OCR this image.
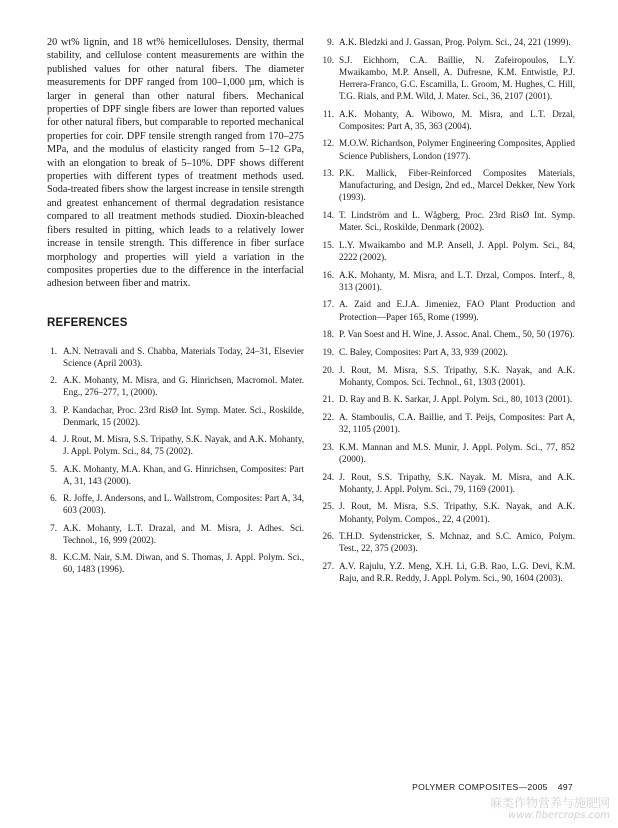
20 wt% lignin, and 18 wt% hemicelluloses. Density, thermal stability, and cellulose content measurements are within the published values for other natural fibers. The diameter measurements for DPF ranged from 100–1,000 µm, which is larger in general than other natural fibers. Mechanical properties of DPF single fibers are lower than reported values for other natural fibers, but comparable to reported mechanical properties for coir. DPF tensile strength ranged from 170–275 MPa, and the modulus of elasticity ranged from 5–12 GPa, with an elongation to break of 5–10%. DPF shows different properties with different types of treatment methods used. Soda-treated fibers show the largest increase in tensile strength and greatest enhancement of thermal degradation resistance compared to all treatment methods studied. Dioxin-bleached fibers resulted in pitting, which leads to a relatively lower increase in tensile strength. This difference in fiber surface morphology and properties will yield a variation in the composites properties due to the difference in the interfacial adhesion between fiber and matrix.

REFERENCES
1. A.N. Netravali and S. Chabba, Materials Today, 24–31, Elsevier Science (April 2003).
2. A.K. Mohanty, M. Misra, and G. Hinrichsen, Macromol. Mater. Eng., 276–277, 1, (2000).
3. P. Kandachar, Proc. 23rd RisØ Int. Symp. Mater. Sci., Roskilde, Denmark, 15 (2002).
4. J. Rout, M. Misra, S.S. Tripathy, S.K. Nayak, and A.K. Mohanty, J. Appl. Polym. Sci., 84, 75 (2002).
5. A.K. Mohanty, M.A. Khan, and G. Hinrichsen, Composites: Part A, 31, 143 (2000).
6. R. Joffe, J. Andersons, and L. Wallstrom, Composites: Part A, 34, 603 (2003).
7. A.K. Mohanty, L.T. Drazal, and M. Misra, J. Adhes. Sci. Technol., 16, 999 (2002).
8. K.C.M. Nair, S.M. Diwan, and S. Thomas, J. Appl. Polym. Sci., 60, 1483 (1996).
9. A.K. Bledzki and J. Gassan, Prog. Polym. Sci., 24, 221 (1999).
10. S.J. Eichhorn, C.A. Baillie, N. Zafeiropoulos, L.Y. Mwaikambo, M.P. Ansell, A. Dufresne, K.M. Entwistle, P.J. Herrera-Franco, G.C. Escamilla, L. Groom, M. Hughes, C. Hill, T.G. Rials, and P.M. Wild, J. Mater. Sci., 36, 2107 (2001).
11. A.K. Mohanty, A. Wibowo, M. Misra, and L.T. Drzal, Composites: Part A, 35, 363 (2004).
12. M.O.W. Richardson, Polymer Engineering Composites, Applied Science Publishers, London (1977).
13. P.K. Mallick, Fiber-Reinforced Composites Materials, Manufacturing, and Design, 2nd ed., Marcel Dekker, New York (1993).
14. T. Lindström and L. Wågberg, Proc. 23rd RisØ Int. Symp. Mater. Sci., Roskilde, Denmark (2002).
15. L.Y. Mwaikambo and M.P. Ansell, J. Appl. Polym. Sci., 84, 2222 (2002).
16. A.K. Mohanty, M. Misra, and L.T. Drzal, Compos. Interf., 8, 313 (2001).
17. A. Zaid and E.J.A. Jimeniez, FAO Plant Production and Protection—Paper 165, Rome (1999).
18. P. Van Soest and H. Wine, J. Assoc. Anal. Chem., 50, 50 (1976).
19. C. Baley, Composites: Part A, 33, 939 (2002).
20. J. Rout, M. Misra, S.S. Tripathy, S.K. Nayak, and A.K. Mohanty, Compos. Sci. Technol., 61, 1303 (2001).
21. D. Ray and B. K. Sarkar, J. Appl. Polym. Sci., 80, 1013 (2001).
22. A. Stamboulis, C.A. Baillie, and T. Peijs, Composites: Part A, 32, 1105 (2001).
23. K.M. Mannan and M.S. Munir, J. Appl. Polym. Sci., 77, 852 (2000).
24. J. Rout, S.S. Tripathy, S.K. Nayak. M. Misra, and A.K. Mohanty, J. Appl. Polym. Sci., 79, 1169 (2001).
25. J. Rout, M. Misra, S.S. Tripathy, S.K. Nayak, and A.K. Mohanty, Polym. Compos., 22, 4 (2001).
26. T.H.D. Sydenstricker, S. Mchnaz, and S.C. Amico, Polym. Test., 22, 375 (2003).
27. A.V. Rajulu, Y.Z. Meng, X.H. Li, G.B. Rao, L.G. Devi, K.M. Raju, and R.R. Reddy, J. Appl. Polym. Sci., 90, 1604 (2003).
POLYMER COMPOSITES—2005 497
麻类作物营养与施肥网
www.fibercrops.com
